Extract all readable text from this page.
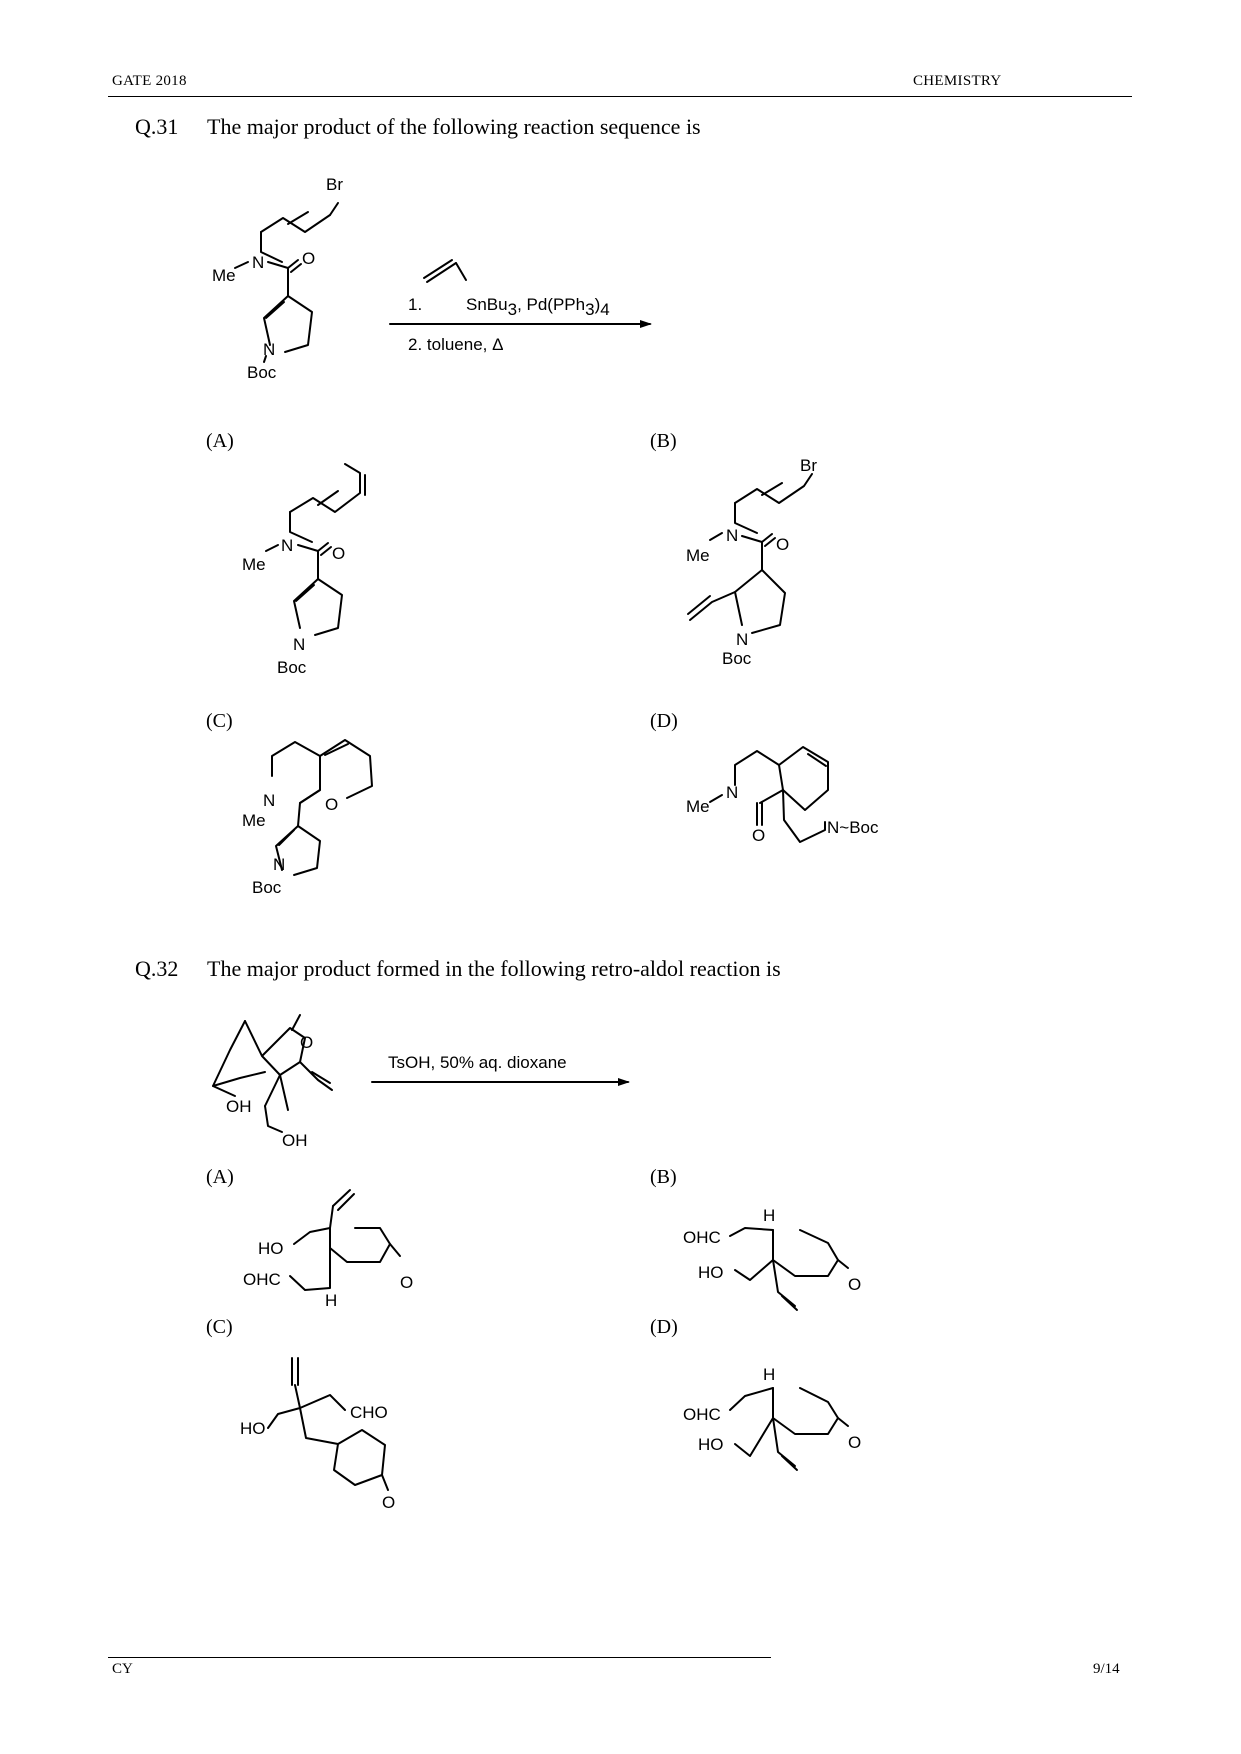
GATE 2018	CHEMISTRY
Q.31 The major product of the following reaction sequence is
(A)	(B)
(C)	(D)
Q.32 The major product formed in the following retro-aldol reaction is
(A)	(B)
(C)	(D)
Br
Me
N O
N
Boc
1.	SnBu3, Pd(PPh3)4
2. toluene, Δ
Me
N O
N
Boc
Br
Me
N O
N
Boc
O
N
Me
N
Boc
N
Me
O	N~Boc
OH
O
OH
TsOH, 50% aq. dioxane
O
HO
OHC
H
O
H
OHC
HO
HO
CHO
O
O
H
OHC
HO
CY	9/14
